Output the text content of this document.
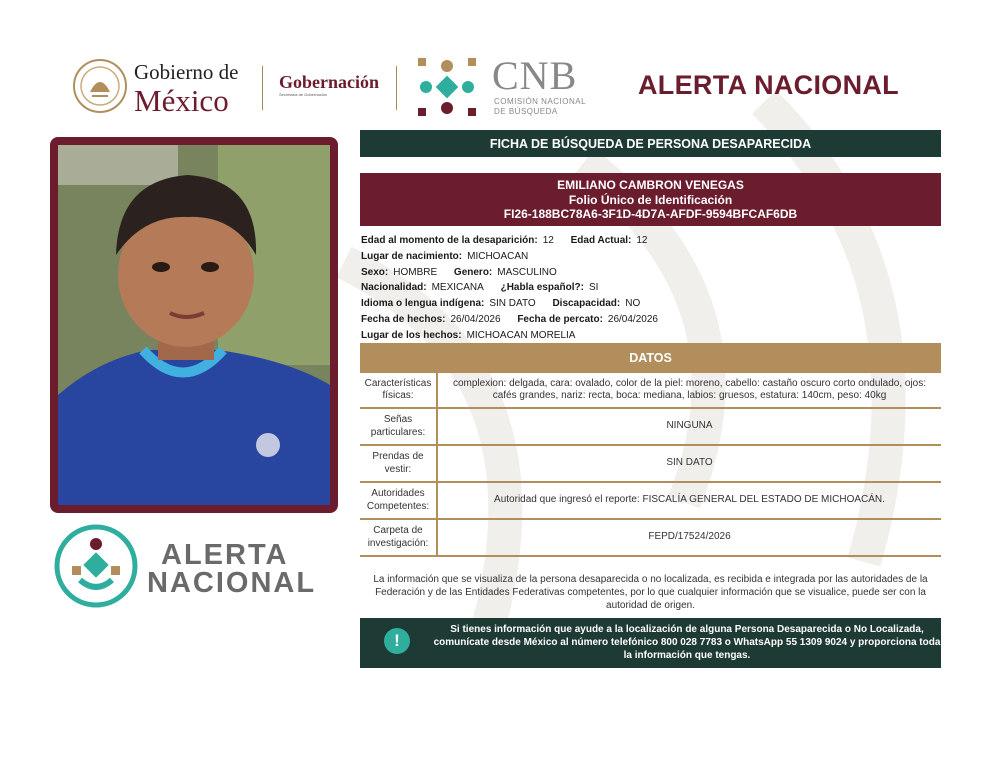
Gobierno de
México
Gobernación
Secretaría de Gobernación	CNB
COMISIÓN NACIONAL
DE BÚSQUEDA
ALERTA NACIONAL
ALERTA
NACIONAL
FICHA DE BÚSQUEDA DE PERSONA DESAPARECIDA
EMILIANO CAMBRON VENEGAS
Folio Único de Identificación
FI26-188BC78A6-3F1D-4D7A-AFDF-9594BFCAF6DB
Edad al momento de la desaparición: 12 Edad Actual: 12
Lugar de nacimiento: MICHOACAN
Sexo: HOMBRE Genero: MASCULINO
Nacionalidad: MEXICANA ¿Habla español?: SI
Idioma o lengua indígena: SIN DATO Discapacidad: NO
Fecha de hechos: 26/04/2026 Fecha de percato: 26/04/2026
Lugar de los hechos: MICHOACAN MORELIA
DATOS
Características
físicas:
complexion: delgada, cara: ovalado, color de la piel: moreno, cabello: castaño oscuro corto ondulado, ojos: cafés grandes, nariz: recta, boca: mediana, labios: gruesos, estatura: 140cm, peso: 40kg
Señas
particulares:
NINGUNA
Prendas de
vestir:
SIN DATO
Autoridades
Competentes:
Autoridad que ingresó el reporte: FISCALÍA GENERAL DEL ESTADO DE MICHOACÁN.
Carpeta de
investigación:
FEPD/17524/2026
La información que se visualiza de la persona desaparecida o no localizada, es recibida e integrada por las autoridades de la Federación y de las Entidades Federativas competentes, por lo que cualquier información que se visualice, puede ser con la autoridad de origen.
!
Si tienes información que ayude a la localización de alguna Persona Desaparecida o No Localizada, comunícate desde México al número telefónico 800 028 7783 o WhatsApp 55 1309 9024 y proporciona toda la información que tengas.
